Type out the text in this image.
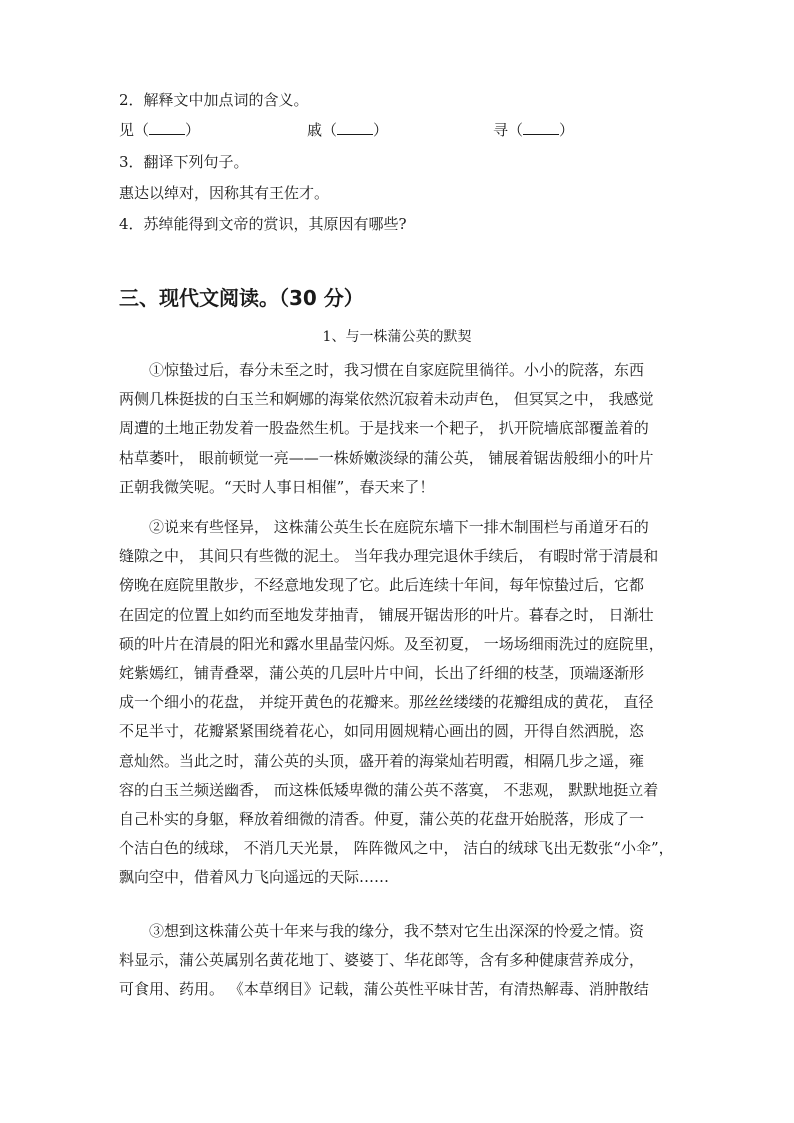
2．解释文中加点词的含义。
见（ ）	戚（ ）	寻（ ）
3．翻译下列句子。
惠达以绰对，因称其有王佐才。
4．苏绰能得到文帝的赏识，其原因有哪些?
三、现代文阅读。（30 分）
1、与一株蒲公英的默契
①惊蛰过后，春分未至之时，我习惯在自家庭院里徜徉。小小的院落，东西
两侧几株挺拔的白玉兰和婀娜的海棠依然沉寂着未动声色， 但冥冥之中， 我感觉
周遭的土地正勃发着一股盎然生机。于是找来一个耙子， 扒开院墙底部覆盖着的
枯草萎叶， 眼前顿觉一亮——一株娇嫩淡绿的蒲公英， 铺展着锯齿般细小的叶片
正朝我微笑呢。“天时人事日相催”，春天来了！
②说来有些怪异， 这株蒲公英生长在庭院东墙下一排木制围栏与甬道牙石的
缝隙之中， 其间只有些微的泥土。 当年我办理完退休手续后， 有暇时常于清晨和
傍晚在庭院里散步，不经意地发现了它。此后连续十年间，每年惊蛰过后，它都
在固定的位置上如约而至地发芽抽青， 铺展开锯齿形的叶片。暮春之时， 日渐壮
硕的叶片在清晨的阳光和露水里晶莹闪烁。及至初夏， 一场场细雨洗过的庭院里，
姹紫嫣红，铺青叠翠，蒲公英的几层叶片中间，长出了纤细的枝茎，顶端逐渐形
成一个细小的花盘， 并绽开黄色的花瓣来。那丝丝缕缕的花瓣组成的黄花， 直径
不足半寸，花瓣紧紧围绕着花心，如同用圆规精心画出的圆，开得自然洒脱，恣
意灿然。当此之时，蒲公英的头顶，盛开着的海棠灿若明霞，相隔几步之遥，雍
容的白玉兰频送幽香， 而这株低矮卑微的蒲公英不落寞， 不悲观， 默默地挺立着
自己朴实的身躯，释放着细微的清香。仲夏，蒲公英的花盘开始脱落，形成了一
个洁白色的绒球， 不消几天光景， 阵阵微风之中， 洁白的绒球飞出无数张“小伞”，
飘向空中，借着风力飞向遥远的天际……
③想到这株蒲公英十年来与我的缘分，我不禁对它生出深深的怜爱之情。资
料显示，蒲公英属别名黄花地丁、婆婆丁、华花郎等，含有多种健康营养成分，
可食用、药用。 《本草纲目》记载，蒲公英性平味甘苦，有清热解毒、消肿散结
